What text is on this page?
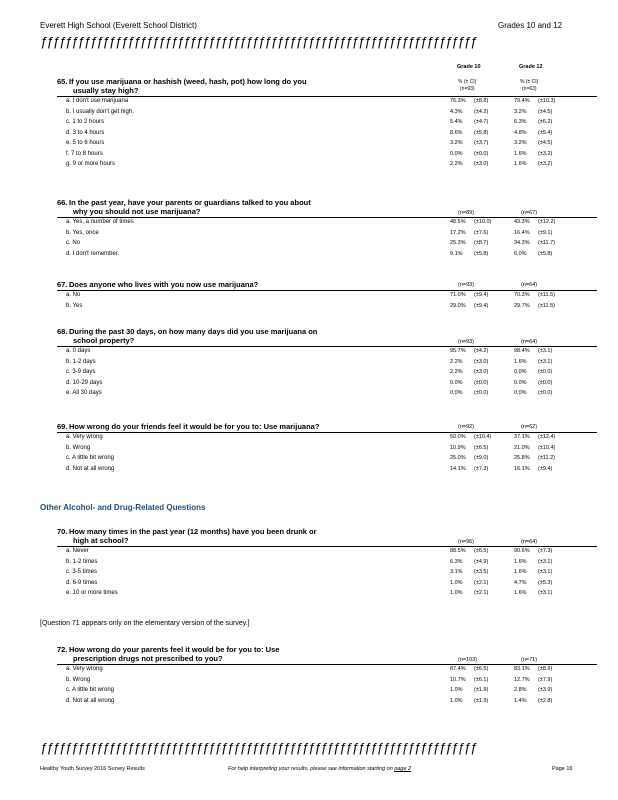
Everett High School (Everett School District)	Grades 10 and 12
ƒƒƒƒƒƒƒƒƒƒƒƒƒƒƒƒƒƒƒƒƒƒƒƒƒƒƒƒƒƒƒƒƒƒƒƒƒƒƒƒƒƒƒƒƒƒƒƒƒƒƒƒƒƒƒƒƒƒƒƒƒƒƒƒƒƒƒƒƒƒ
Grade 10	Grade 12
% (± CI)	% (± CI)
(n=93)	(n=63)
65. If you use marijuana or hashish (weed, hash, pot) how long do you
usually stay high?
a. I don't use marijuana	76.3% (±8.8)	79.4% (±10.3)
b. I usually don't get high.	4.3% (±4.2)	3.2% (±4.5)
c. 1 to 2 hours	5.4% (±4.7)	6.3% (±6.2)
d. 3 to 4 hours	8.6% (±5.8)	4.8% (±5.4)
e. 5 to 6 hours	3.2% (±3.7)	3.2% (±4.5)
f. 7 to 8 hours	0.0% (±0.0)	1.6% (±3.2)
g. 9 or more hours	2.2% (±3.0)	1.6% (±3.2)
66. In the past year, have your parents or guardians talked to you about
why you should not use marijuana?	(n=89)	(n=67)
a. Yes, a number of times	48.5% (±10.0)	43.3% (±12.2)
b. Yes, once	17.2% (±7.6)	16.4% (±9.1)
c. No	25.3% (±8.7)	34.3% (±11.7)
d. I don't remember.	9.1% (±5.8)	6.0% (±5.8)
67. Does anyone who lives with you now use marijuana?	(n=93)	(n=64)
a. No	71.0% (±9.4)	70.3% (±11.5)
b. Yes	29.0% (±9.4)	29.7% (±11.5)
68. During the past 30 days, on how many days did you use marijuana on
school property?	(n=93)	(n=64)
a. 0 days	95.7% (±4.2)	98.4% (±3.1)
b. 1-2 days	2.2% (±3.0)	1.6% (±3.1)
c. 3-9 days	2.2% (±3.0)	0.0% (±0.0)
d. 10-29 days	0.0% (±0.0)	0.0% (±0.0)
e. All 30 days	0.0% (±0.0)	0.0% (±0.0)
69. How wrong do your friends feel it would be for you to: Use marijuana?	(n=92)	(n=62)
a. Very wrong	50.0% (±10.4)	37.1% (±12.4)
b. Wrong	10.9% (±6.5)	21.0% (±10.4)
c. A little bit wrong	25.0% (±9.0)	25.8% (±11.2)
d. Not at all wrong	14.1% (±7.3)	16.1% (±9.4)
70. How many times in the past year (12 months) have you been drunk or
high at school?	(n=96)	(n=64)
a. Never	88.5% (±6.5)	90.6% (±7.3)
b. 1-2 times	6.3% (±4.9)	1.6% (±3.1)
c. 3-5 times	3.1% (±3.5)	1.6% (±3.1)
d. 6-9 times	1.0% (±2.1)	4.7% (±5.3)
e. 10 or more times	1.0% (±2.1)	1.6% (±3.1)
72. How wrong do your parents feel it would be for you to: Use
prescription drugs not prescribed to you?	(n=103)	(n=71)
a. Very wrong	87.4% (±6.5)	83.1% (±8.9)
b. Wrong	10.7% (±6.1)	12.7% (±7.9)
c. A little bit wrong	1.0% (±1.9)	2.8% (±3.9)
d. Not at all wrong	1.0% (±1.9)	1.4% (±2.8)
Other Alcohol- and Drug-Related Questions
[Question 71 appears only on the elementary version of the survey.]
ƒƒƒƒƒƒƒƒƒƒƒƒƒƒƒƒƒƒƒƒƒƒƒƒƒƒƒƒƒƒƒƒƒƒƒƒƒƒƒƒƒƒƒƒƒƒƒƒƒƒƒƒƒƒƒƒƒƒƒƒƒƒƒƒƒƒƒƒƒƒ
Healthy Youth Survey 2016 Survey Results	For help interpreting your results, please see information starting on page 2	Page 16
